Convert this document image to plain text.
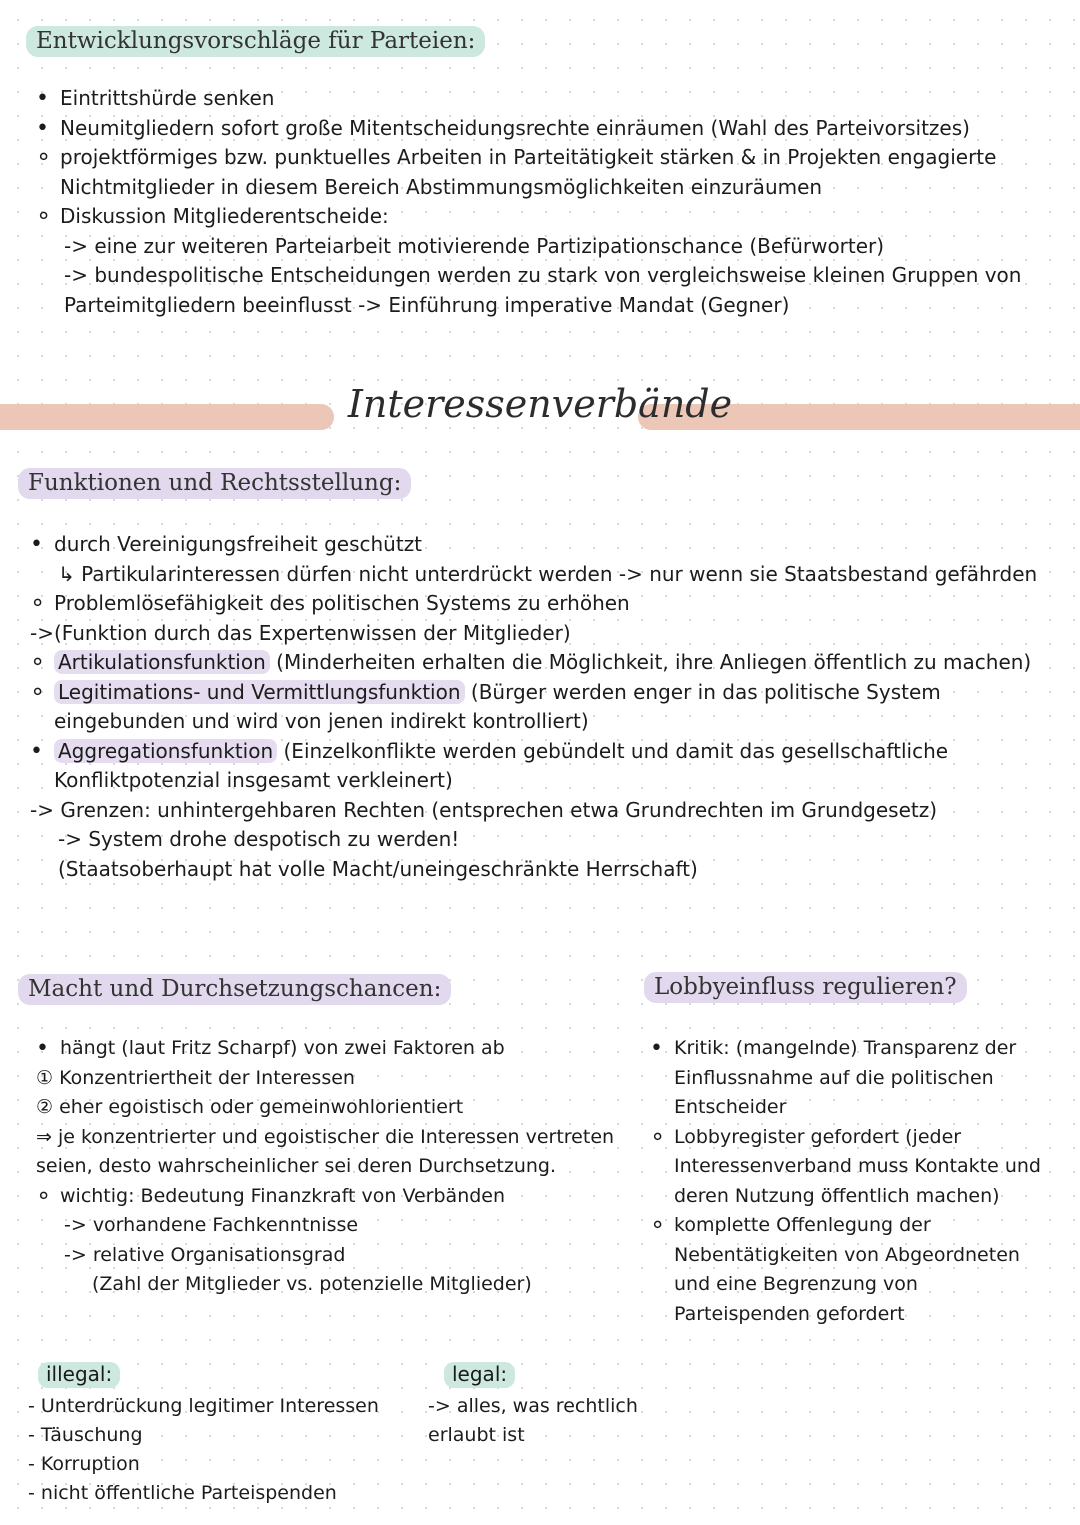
Entwicklungsvorschläge für Parteien:
• Eintrittshürde senken
• Neumitgliedern sofort große Mitentscheidungsrechte einräumen (Wahl des Parteivorsitzes)
∘ projektförmiges bzw. punktuelles Arbeiten in Parteitätigkeit stärken & in Projekten engagierte Nichtmitglieder in diesem Bereich Abstimmungsmöglichkeiten einzuräumen
∘ Diskussion Mitgliederentscheide:
-> eine zur weiteren Parteiarbeit motivierende Partizipationschance (Befürworter)
-> bundespolitische Entscheidungen werden zu stark von vergleichsweise kleinen Gruppen von Parteimitgliedern beeinflusst -> Einführung imperative Mandat (Gegner)
Interessenverbände
Funktionen und Rechtsstellung:
• durch Vereinigungsfreiheit geschützt
↳ Partikularinteressen dürfen nicht unterdrückt werden -> nur wenn sie Staatsbestand gefährden
∘ Problemlösefähigkeit des politischen Systems zu erhöhen
->(Funktion durch das Expertenwissen der Mitglieder)
∘ Artikulationsfunktion (Minderheiten erhalten die Möglichkeit, ihre Anliegen öffentlich zu machen)
∘ Legitimations- und Vermittlungsfunktion (Bürger werden enger in das politische System eingebunden und wird von jenen indirekt kontrolliert)
• Aggregationsfunktion (Einzelkonflikte werden gebündelt und damit das gesellschaftliche Konfliktpotenzial insgesamt verkleinert)
-> Grenzen: unhintergehbaren Rechten (entsprechen etwa Grundrechten im Grundgesetz)
-> System drohe despotisch zu werden!
(Staatsoberhaupt hat volle Macht/uneingeschränkte Herrschaft)
Macht und Durchsetzungschancen:
• hängt (laut Fritz Scharpf) von zwei Faktoren ab
① Konzentriertheit der Interessen
② eher egoistisch oder gemeinwohlorientiert
⇒ je konzentrierter und egoistischer die Interessen vertreten seien, desto wahrscheinlicher sei deren Durchsetzung.
∘ wichtig: Bedeutung Finanzkraft von Verbänden
-> vorhandene Fachkenntnisse
-> relative Organisationsgrad
(Zahl der Mitglieder vs. potenzielle Mitglieder)
Lobbyeinfluss regulieren?
• Kritik: (mangelnde) Transparenz der Einflussnahme auf die politischen Entscheider
∘ Lobbyregister gefordert (jeder Interessenverband muss Kontakte und deren Nutzung öffentlich machen)
∘ komplette Offenlegung der Nebentätigkeiten von Abgeordneten und eine Begrenzung von Parteispenden gefordert
illegal:
- Unterdrückung legitimer Interessen
- Täuschung
- Korruption
- nicht öffentliche Parteispenden
legal:
-> alles, was rechtlich erlaubt ist
